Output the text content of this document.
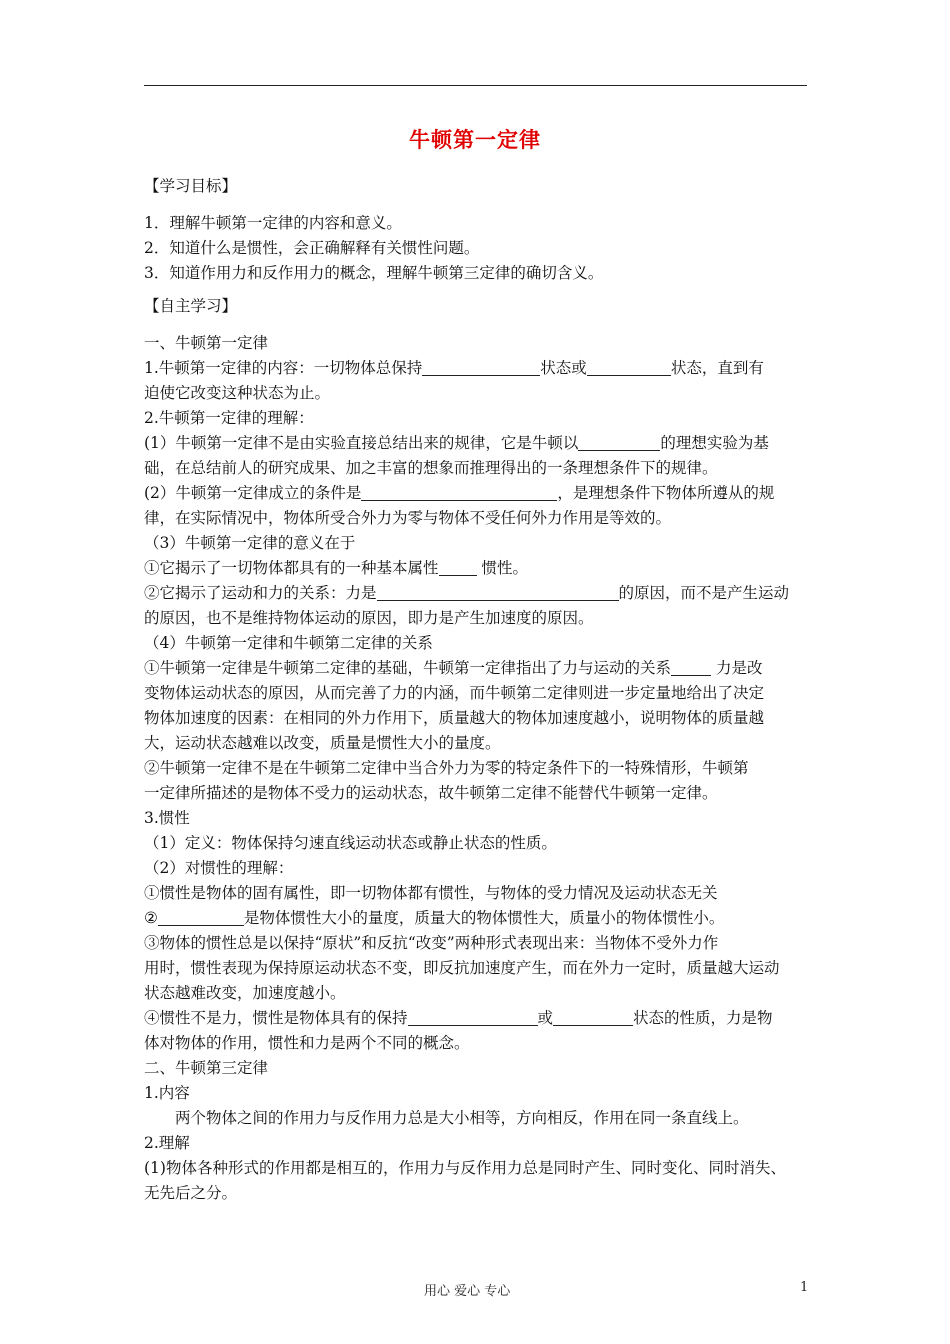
牛顿第一定律
【学习目标】
1．理解牛顿第一定律的内容和意义。
2．知道什么是惯性，会正确解释有关惯性问题。
3．知道作用力和反作用力的概念，理解牛顿第三定律的确切含义。
【自主学习】
一、牛顿第一定律
1.牛顿第一定律的内容：一切物体总保持	状态或	状态，直到有
迫使它改变这种状态为止。
2.牛顿第一定律的理解：
(1）牛顿第一定律不是由实验直接总结出来的规律，它是牛顿以	的理想实验为基
础，在总结前人的研究成果、加之丰富的想象而推理得出的一条理想条件下的规律。
(2）牛顿第一定律成立的条件是	，是理想条件下物体所遵从的规
律，在实际情况中，物体所受合外力为零与物体不受任何外力作用是等效的。
（3）牛顿第一定律的意义在于
①它揭示了一切物体都具有的一种基本属性 惯性。
②它揭示了运动和力的关系：力是	的原因，而不是产生运动
的原因，也不是维持物体运动的原因，即力是产生加速度的原因。
（4）牛顿第一定律和牛顿第二定律的关系
①牛顿第一定律是牛顿第二定律的基础，牛顿第一定律指出了力与运动的关系	力是改
变物体运动状态的原因，从而完善了力的内涵，而牛顿第二定律则进一步定量地给出了决定
物体加速度的因素：在相同的外力作用下，质量越大的物体加速度越小，说明物体的质量越
大，运动状态越难以改变，质量是惯性大小的量度。
②牛顿第一定律不是在牛顿第二定律中当合外力为零的特定条件下的一特殊情形，牛顿第
一定律所描述的是物体不受力的运动状态，故牛顿第二定律不能替代牛顿第一定律。
3.惯性
（1）定义：物体保持匀速直线运动状态或静止状态的性质。
（2）对惯性的理解：
①惯性是物体的固有属性，即一切物体都有惯性，与物体的受力情况及运动状态无关
②	是物体惯性大小的量度，质量大的物体惯性大，质量小的物体惯性小。
③物体的惯性总是以保持“原状”和反抗“改变”两种形式表现出来：当物体不受外力作
用时，惯性表现为保持原运动状态不变，即反抗加速度产生，而在外力一定时，质量越大运动
状态越难改变，加速度越小。
④惯性不是力，惯性是物体具有的保持	或	状态的性质，力是物
体对物体的作用，惯性和力是两个不同的概念。
二、牛顿第三定律
1.内容
两个物体之间的作用力与反作用力总是大小相等，方向相反，作用在同一条直线上。
2.理解
(1)物体各种形式的作用都是相互的，作用力与反作用力总是同时产生、同时变化、同时消失、
无先后之分。
用心 爱心 专心	1
